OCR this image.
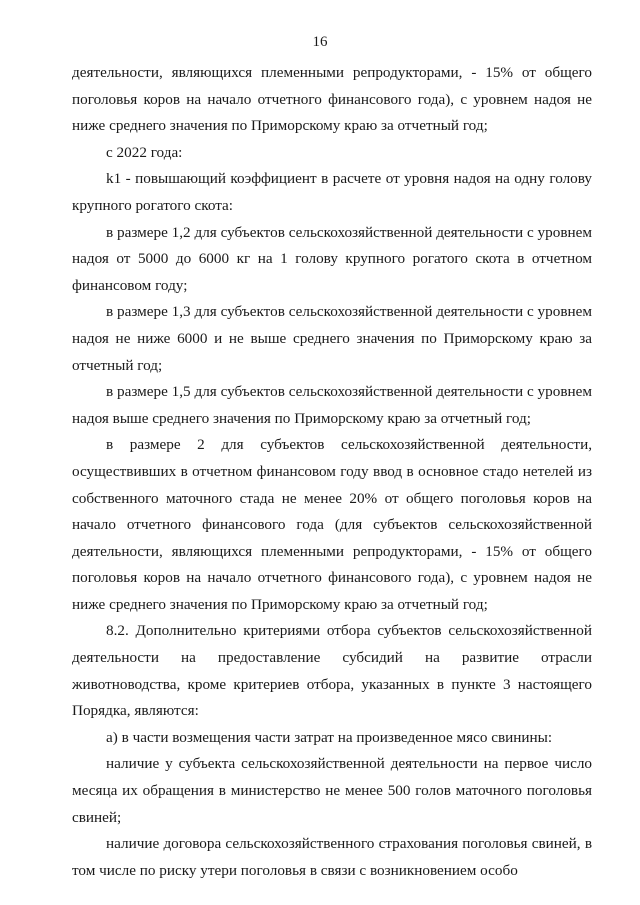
16

деятельности, являющихся племенными репродукторами, - 15% от общего поголовья коров на начало отчетного финансового года), с уровнем надоя не ниже среднего значения по Приморскому краю за отчетный год;

с 2022 года:

k1 - повышающий коэффициент в расчете от уровня надоя на одну голову крупного рогатого скота:

в размере 1,2 для субъектов сельскохозяйственной деятельности с уровнем надоя от 5000 до 6000 кг на 1 голову крупного рогатого скота в отчетном финансовом году;

в размере 1,3 для субъектов сельскохозяйственной деятельности с уровнем надоя не ниже 6000 и не выше среднего значения по Приморскому краю за отчетный год;

в размере 1,5 для субъектов сельскохозяйственной деятельности с уровнем надоя выше среднего значения по Приморскому краю за отчетный год;

в размере 2 для субъектов сельскохозяйственной деятельности, осуществивших в отчетном финансовом году ввод в основное стадо нетелей из собственного маточного стада не менее 20% от общего поголовья коров на начало отчетного финансового года (для субъектов сельскохозяйственной деятельности, являющихся племенными репродукторами, - 15% от общего поголовья коров на начало отчетного финансового года), с уровнем надоя не ниже среднего значения по Приморскому краю за отчетный год;

8.2. Дополнительно критериями отбора субъектов сельскохозяйственной деятельности на предоставление субсидий на развитие отрасли животноводства, кроме критериев отбора, указанных в пункте 3 настоящего Порядка, являются:

а) в части возмещения части затрат на произведенное мясо свинины:

наличие у субъекта сельскохозяйственной деятельности на первое число месяца их обращения в министерство не менее 500 голов маточного поголовья свиней;

наличие договора сельскохозяйственного страхования поголовья свиней, в том числе по риску утери поголовья в связи с возникновением особо
